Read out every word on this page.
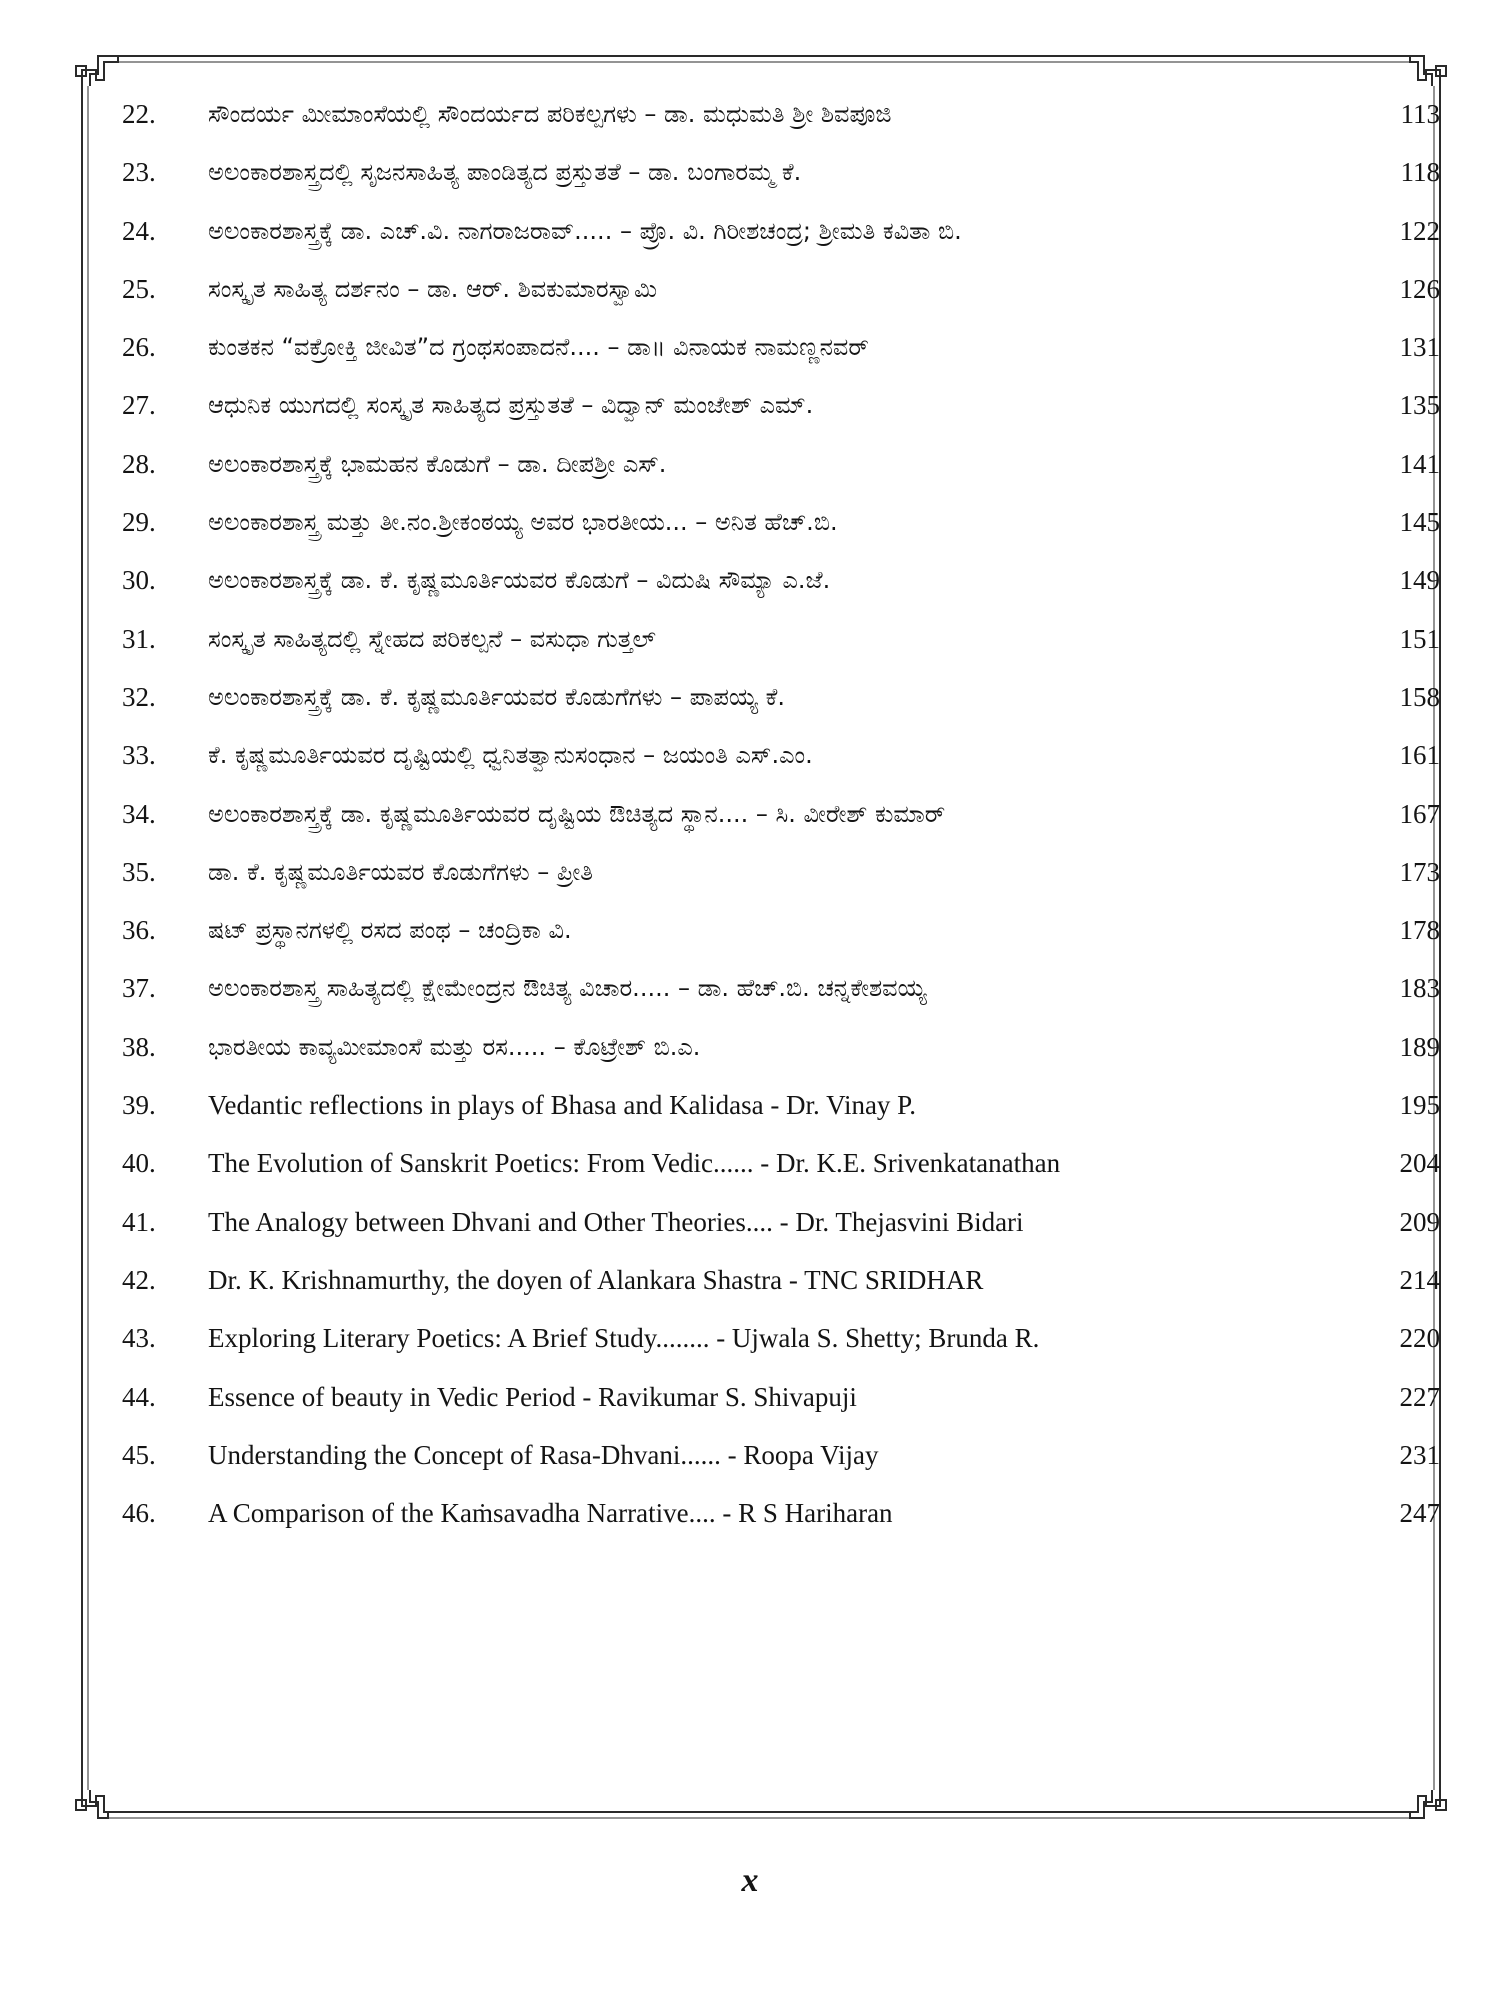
22.	ಸೌಂದರ್ಯ ಮೀಮಾಂಸೆಯಲ್ಲಿ ಸೌಂದರ್ಯದ ಪರಿಕಲ್ಪಗಳು – ಡಾ. ಮಧುಮತಿ ಶ್ರೀ ಶಿವಪೂಜಿ	113
23.	ಅಲಂಕಾರಶಾಸ್ತ್ರದಲ್ಲಿ ಸೃಜನಸಾಹಿತ್ಯ ಪಾಂಡಿತ್ಯದ ಪ್ರಸ್ತುತತೆ – ಡಾ. ಬಂಗಾರಮ್ಮ ಕೆ.	118
24.	ಅಲಂಕಾರಶಾಸ್ತ್ರಕ್ಕೆ ಡಾ. ಎಚ್.ವಿ. ನಾಗರಾಜರಾವ್..... – ಪ್ರೊ. ವಿ. ಗಿರೀಶಚಂದ್ರ; ಶ್ರೀಮತಿ ಕವಿತಾ ಬಿ.	122
25.	ಸಂಸ್ಕೃತ ಸಾಹಿತ್ಯ ದರ್ಶನಂ – ಡಾ. ಆರ್. ಶಿವಕುಮಾರಸ್ವಾಮಿ	126
26.	ಕುಂತಕನ “ವಕ್ರೋಕ್ತಿ ಜೀವಿತ”ದ ಗ್ರಂಥಸಂಪಾದನೆ.... – ಡಾ॥ ವಿನಾಯಕ ನಾಮಣ್ಣನವರ್	131
27.	ಆಧುನಿಕ ಯುಗದಲ್ಲಿ ಸಂಸ್ಕೃತ ಸಾಹಿತ್ಯದ ಪ್ರಸ್ತುತತೆ – ವಿದ್ವಾನ್ ಮಂಜೇಶ್ ಎಮ್.	135
28.	ಅಲಂಕಾರಶಾಸ್ತ್ರಕ್ಕೆ ಭಾಮಹನ ಕೊಡುಗೆ – ಡಾ. ದೀಪಶ್ರೀ ಎಸ್.	141
29.	ಅಲಂಕಾರಶಾಸ್ತ್ರ ಮತ್ತು ತೀ.ನಂ.ಶ್ರೀಕಂಠಯ್ಯ ಅವರ ಭಾರತೀಯ... – ಅನಿತ ಹೆಚ್.ಬಿ.	145
30.	ಅಲಂಕಾರಶಾಸ್ತ್ರಕ್ಕೆ ಡಾ. ಕೆ. ಕೃಷ್ಣಮೂರ್ತಿಯವರ ಕೊಡುಗೆ – ವಿದುಷಿ ಸೌಮ್ಯಾ ಎ.ಜೆ.	149
31.	ಸಂಸ್ಕೃತ ಸಾಹಿತ್ಯದಲ್ಲಿ ಸ್ನೇಹದ ಪರಿಕಲ್ಪನೆ – ವಸುಧಾ ಗುತ್ತಲ್	151
32.	ಅಲಂಕಾರಶಾಸ್ತ್ರಕ್ಕೆ ಡಾ. ಕೆ. ಕೃಷ್ಣಮೂರ್ತಿಯವರ ಕೊಡುಗೆಗಳು – ಪಾಪಯ್ಯ ಕೆ.	158
33.	ಕೆ. ಕೃಷ್ಣಮೂರ್ತಿಯವರ ದೃಷ್ಟಿಯಲ್ಲಿ ಧ್ವನಿತತ್ವಾನುಸಂಧಾನ – ಜಯಂತಿ ಎಸ್.ಎಂ.	161
34.	ಅಲಂಕಾರಶಾಸ್ತ್ರಕ್ಕೆ ಡಾ. ಕೃಷ್ಣಮೂರ್ತಿಯವರ ದೃಷ್ಟಿಯ ಔಚಿತ್ಯದ ಸ್ಥಾನ.... – ಸಿ. ವೀರೇಶ್ ಕುಮಾರ್	167
35.	ಡಾ. ಕೆ. ಕೃಷ್ಣಮೂರ್ತಿಯವರ ಕೊಡುಗೆಗಳು – ಪ್ರೀತಿ	173
36.	ಷಟ್ ಪ್ರಸ್ಥಾನಗಳಲ್ಲಿ ರಸದ ಪಂಥ – ಚಂದ್ರಿಕಾ ವಿ.	178
37.	ಅಲಂಕಾರಶಾಸ್ತ್ರ ಸಾಹಿತ್ಯದಲ್ಲಿ ಕ್ಷೇಮೇಂದ್ರನ ಔಚಿತ್ಯ ವಿಚಾರ..... – ಡಾ. ಹೆಚ್.ಬಿ. ಚನ್ನಕೇಶವಯ್ಯ	183
38.	ಭಾರತೀಯ ಕಾವ್ಯಮೀಮಾಂಸೆ ಮತ್ತು ರಸ..... – ಕೊಟ್ರೇಶ್ ಬಿ.ಎ.	189
39.	Vedantic reflections in plays of Bhasa and Kalidasa - Dr. Vinay P.	195
40.	The Evolution of Sanskrit Poetics: From Vedic...... - Dr. K.E. Srivenkatanathan	204
41.	The Analogy between Dhvani and Other Theories.... - Dr. Thejasvini Bidari	209
42.	Dr. K. Krishnamurthy, the doyen of Alankara Shastra - TNC SRIDHAR	214
43.	Exploring Literary Poetics: A Brief Study........ - Ujwala S. Shetty; Brunda R.	220
44.	Essence of beauty in Vedic Period - Ravikumar S. Shivapuji	227
45.	Understanding the Concept of Rasa-Dhvani...... - Roopa Vijay	231
46.	A Comparison of the Kaṁsavadha Narrative.... - R S Hariharan	247
x
